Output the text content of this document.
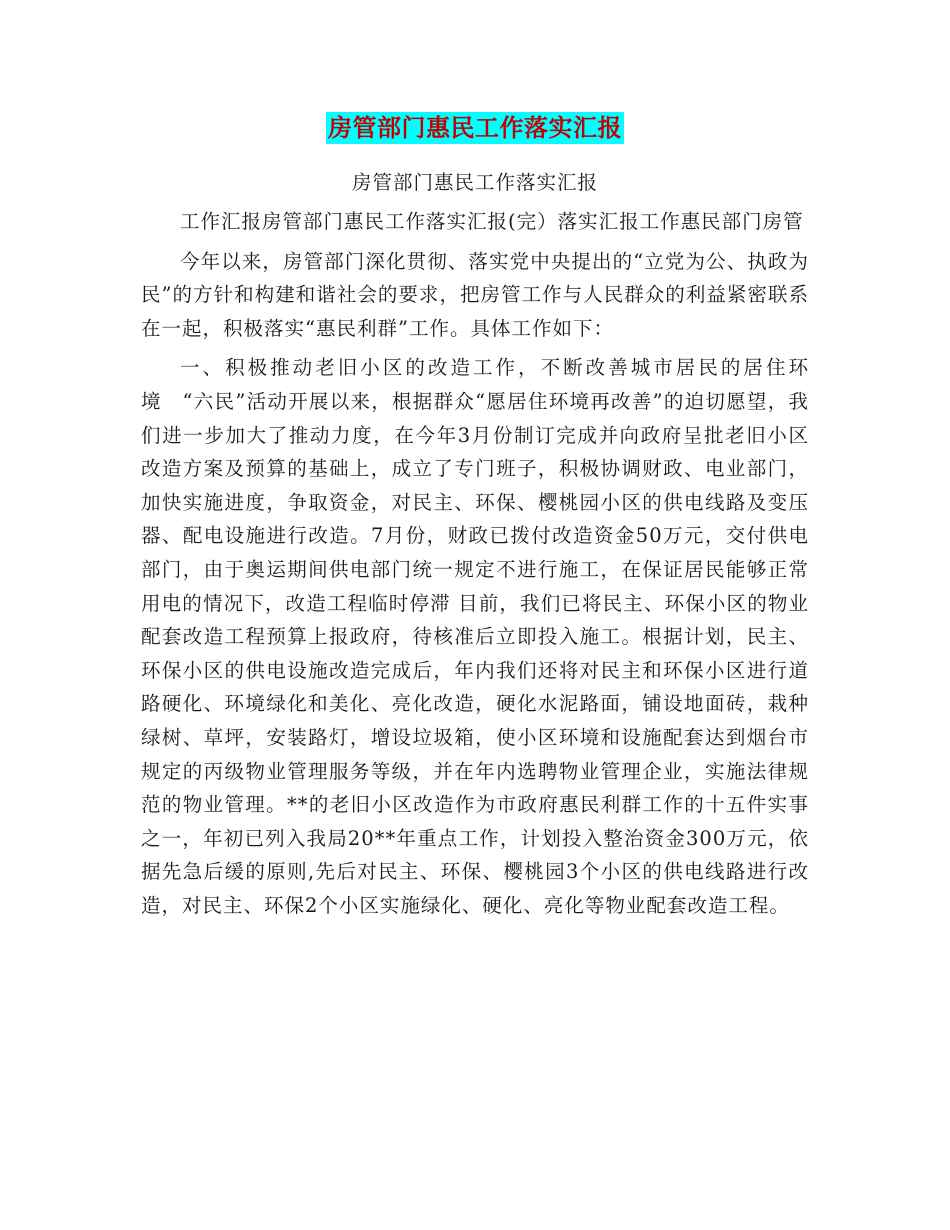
房管部门惠民工作落实汇报
房管部门惠民工作落实汇报

工作汇报房管部门惠民工作落实汇报(完）落实汇报工作惠民部门房管

今年以来，房管部门深化贯彻、落实党中央提出的“立党为公、执政为民”的方针和构建和谐社会的要求，把房管工作与人民群众的利益紧密联系在一起，积极落实“惠民利群”工作。具体工作如下：

一、积极推动老旧小区的改造工作，不断改善城市居民的居住环境　“六民”活动开展以来，根据群众“愿居住环境再改善”的迫切愿望，我们进一步加大了推动力度，在今年3月份制订完成并向政府呈批老旧小区改造方案及预算的基础上，成立了专门班子，积极协调财政、电业部门，加快实施进度，争取资金，对民主、环保、樱桃园小区的供电线路及变压器、配电设施进行改造。7月份，财政已拨付改造资金50万元，交付供电部门，由于奥运期间供电部门统一规定不进行施工，在保证居民能够正常用电的情况下，改造工程临时停滞 目前，我们已将民主、环保小区的物业配套改造工程预算上报政府，待核准后立即投入施工。根据计划，民主、环保小区的供电设施改造完成后，年内我们还将对民主和环保小区进行道路硬化、环境绿化和美化、亮化改造，硬化水泥路面，铺设地面砖，栽种绿树、草坪，安装路灯，增设垃圾箱，使小区环境和设施配套达到烟台市规定的丙级物业管理服务等级，并在年内选聘物业管理企业，实施法律规范的物业管理。**的老旧小区改造作为市政府惠民利群工作的十五件实事之一，年初已列入我局20**年重点工作，计划投入整治资金300万元，依据先急后缓的原则,先后对民主、环保、樱桃园3个小区的供电线路进行改造，对民主、环保2个小区实施绿化、硬化、亮化等物业配套改造工程。
